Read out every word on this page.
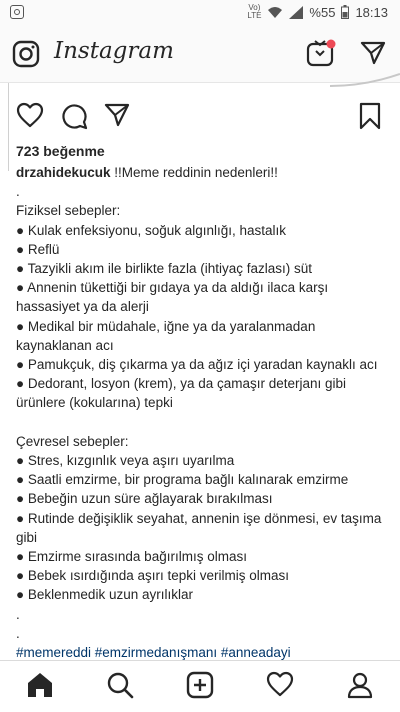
Vo)
LTE	%55 18:13
Instagram
723 beğenme
drzahidekucuk !!Meme reddinin nedenleri!!
.
Fiziksel sebepler:
● Kulak enfeksiyonu, soğuk algınlığı, hastalık
● Reflü
● Tazyikli akım ile birlikte fazla (ihtiyaç fazlası) süt
● Annenin tükettiği bir gıdaya ya da aldığı ilaca karşı hassasiyet ya da alerji
● Medikal bir müdahale, iğne ya da yaralanmadan kaynaklanan acı
● Pamukçuk, diş çıkarma ya da ağız içi yaradan kaynaklı acı
● Dedorant, losyon (krem), ya da çamaşır deterjanı gibi ürünlere (kokularına) tepki
Çevresel sebepler:
● Stres, kızgınlık veya aşırı uyarılma
● Saatli emzirme, bir programa bağlı kalınarak emzirme
● Bebeğin uzun süre ağlayarak bırakılması
● Rutinde değişiklik seyahat, annenin işe dönmesi, ev taşıma gibi
● Emzirme sırasında bağırılmış olması
● Bebek ısırdığında aşırı tepki verilmiş olması
● Beklenmedik uzun ayrılıklar
.
.
#memereddi #emzirmedanışmanı #anneadayi
